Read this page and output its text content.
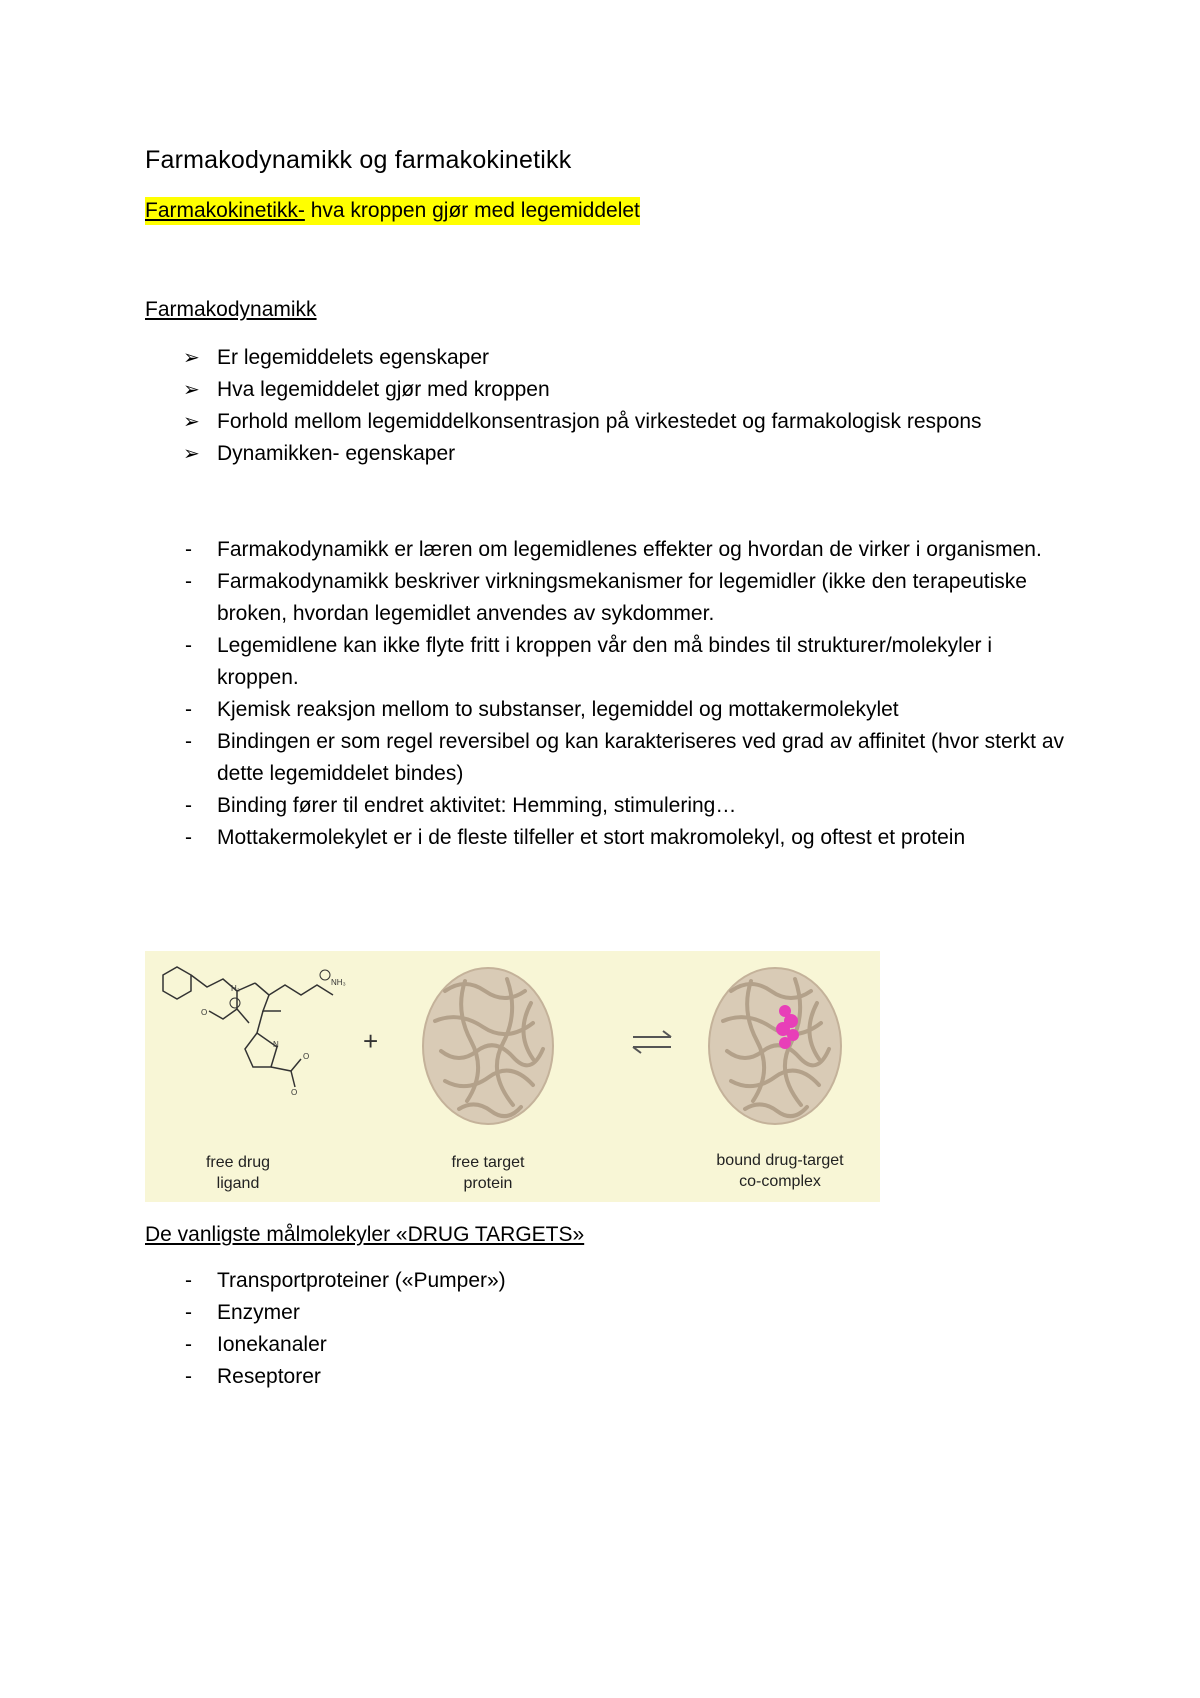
Farmakodynamikk og farmakokinetikk
Farmakokinetikk- hva kroppen gjør med legemiddelet
Farmakodynamikk
➢ Er legemiddelets egenskaper
➢ Hva legemiddelet gjør med kroppen
➢ Forhold mellom legemiddelkonsentrasjon på virkestedet og farmakologisk respons
➢ Dynamikken- egenskaper
- Farmakodynamikk er læren om legemidlenes effekter og hvordan de virker i organismen.
- Farmakodynamikk beskriver virkningsmekanismer for legemidler (ikke den terapeutiske broken, hvordan legemidlet anvendes av sykdommer.
- Legemidlene kan ikke flyte fritt i kroppen vår den må bindes til strukturer/molekyler i kroppen.
- Kjemisk reaksjon mellom to substanser, legemiddel og mottakermolekylet
- Bindingen er som regel reversibel og kan karakteriseres ved grad av affinitet (hvor sterkt av dette legemiddelet bindes)
- Binding fører til endret aktivitet: Hemming, stimulering…
- Mottakermolekylet er i de fleste tilfeller et stort makromolekyl, og oftest et protein
NH₃
H₂
N
O
O
O
+
free drug
ligand
free target
protein
bound drug-target
co-complex
De vanligste målmolekyler «DRUG TARGETS»
- Transportproteiner («Pumper»)
- Enzymer
- Ionekanaler
- Reseptorer
